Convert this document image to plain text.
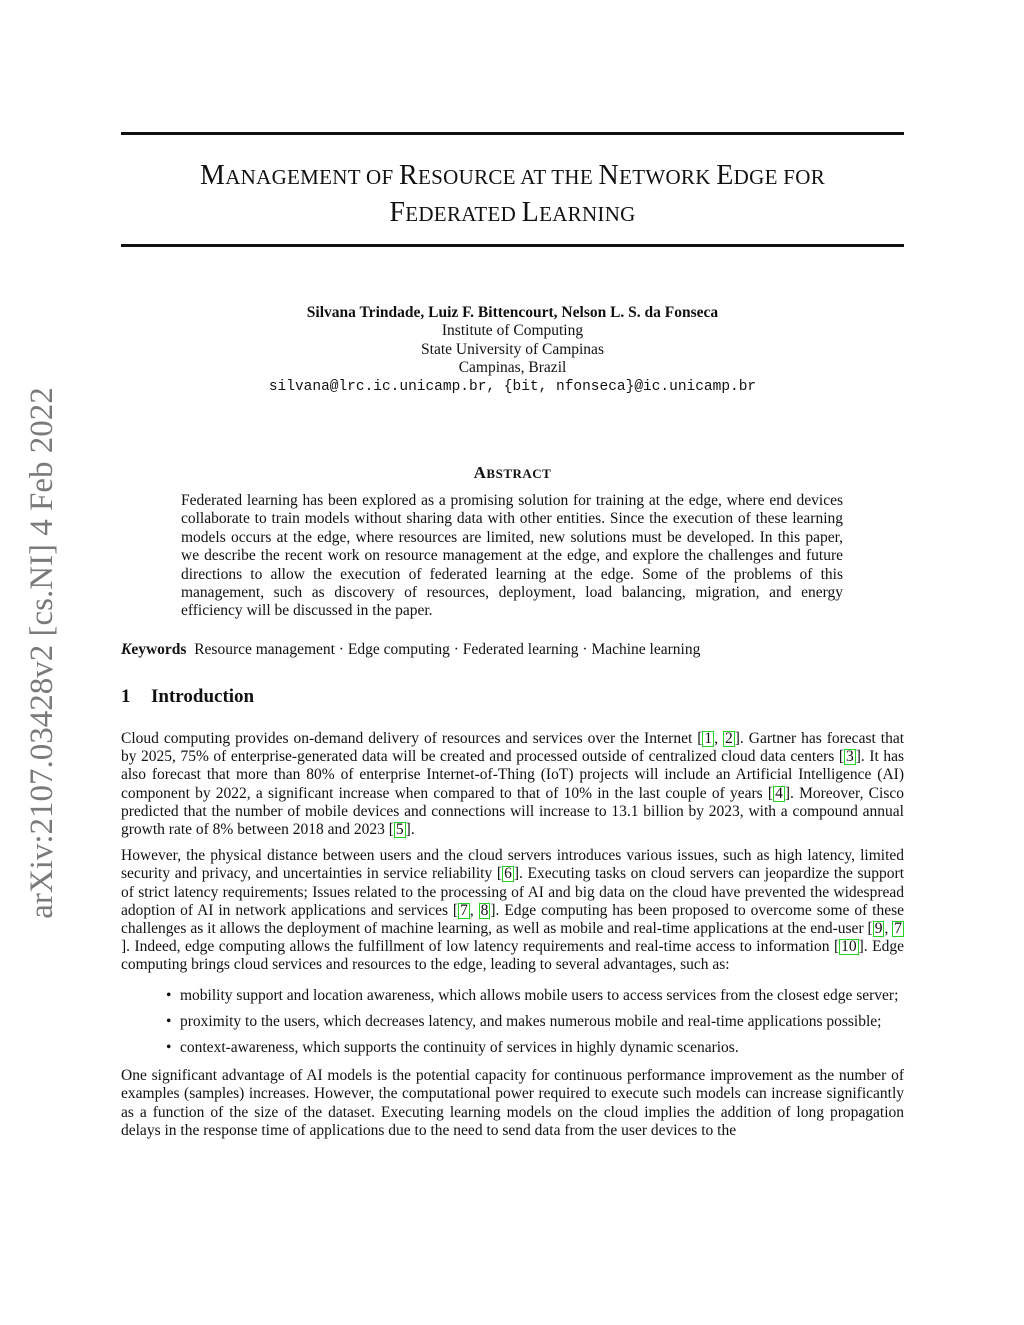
arXiv:2107.03428v2 [cs.NI] 4 Feb 2022
MANAGEMENT OF RESOURCE AT THE NETWORK EDGE FOR
FEDERATED LEARNING
Silvana Trindade, Luiz F. Bittencourt, Nelson L. S. da Fonseca
Institute of Computing
State University of Campinas
Campinas, Brazil
silvana@lrc.ic.unicamp.br, {bit, nfonseca}@ic.unicamp.br
ABSTRACT
Federated learning has been explored as a promising solution for training at the edge, where end devices collaborate to train models without sharing data with other entities. Since the execution of these learning models occurs at the edge, where resources are limited, new solutions must be developed. In this paper, we describe the recent work on resource management at the edge, and explore the challenges and future directions to allow the execution of federated learning at the edge. Some of the problems of this management, such as discovery of resources, deployment, load balancing, migration, and energy efficiency will be discussed in the paper.
Keywords Resource management · Edge computing · Federated learning · Machine learning
1 Introduction

Cloud computing provides on-demand delivery of resources and services over the Internet [ 1 , 2 ]. Gartner has forecast that by 2025, 75% of enterprise-generated data will be created and processed outside of centralized cloud data centers [ 3 ]. It has also forecast that more than 80% of enterprise Internet-of-Thing (IoT) projects will include an Artificial Intelligence (AI) component by 2022, a significant increase when compared to that of 10% in the last couple of years [ 4 ]. Moreover, Cisco predicted that the number of mobile devices and connections will increase to 13.1 billion by 2023, with a compound annual growth rate of 8% between 2018 and 2023 [ 5 ].

However, the physical distance between users and the cloud servers introduces various issues, such as high latency, limited security and privacy, and uncertainties in service reliability [ 6 ]. Executing tasks on cloud servers can jeopardize the support of strict latency requirements; Issues related to the processing of AI and big data on the cloud have prevented the widespread adoption of AI in network applications and services [ 7 , 8 ]. Edge computing has been proposed to overcome some of these challenges as it allows the deployment of machine learning, as well as mobile and real-time applications at the end-user [ 9 , 7]. Indeed, edge computing allows the fulfillment of low latency requirements and real-time access to information [ 10 ]. Edge computing brings cloud services and resources to the edge, leading to several advantages, such as:

• mobility support and location awareness, which allows mobile users to access services from the closest edge server;
• proximity to the users, which decreases latency, and makes numerous mobile and real-time applications possible;
• context-awareness, which supports the continuity of services in highly dynamic scenarios.

One significant advantage of AI models is the potential capacity for continuous performance improvement as the number of examples (samples) increases. However, the computational power required to execute such models can increase significantly as a function of the size of the dataset. Executing learning models on the cloud implies the addition of long propagation delays in the response time of applications due to the need to send data from the user devices to the
